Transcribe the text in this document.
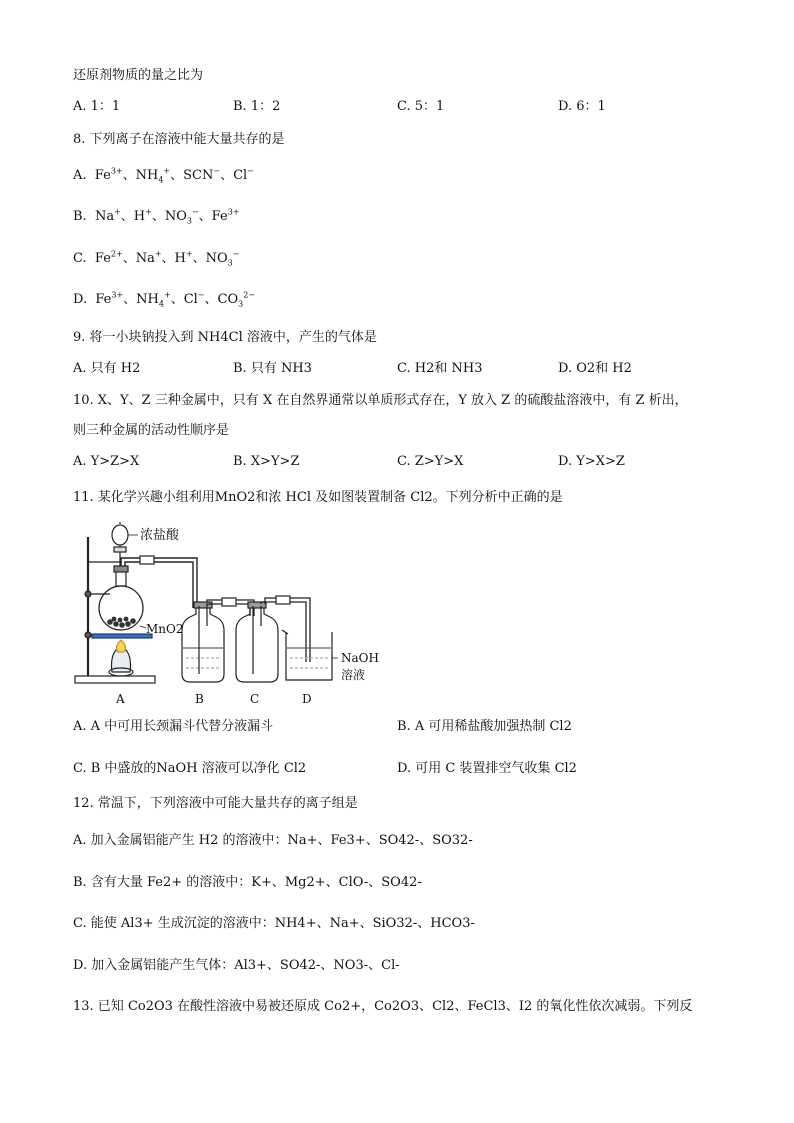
还原剂物质的量之比为
A. 1：1	B. 1：2	C. 5：1	D. 6：1
8. 下列离子在溶液中能大量共存的是
A.  $Fe^{3+}$、$NH_4^+$、SCN−、Cl−
B.  Na+、H+、$NO_3^-$、$Fe^{3+}$
C.  $Fe^{2+}$、Na+、H+、$NO_3^-$
D.  $Fe^{3+}$、$NH_4^+$、Cl−、$CO_3^{2-}$
9. 将一小块钠投入到 NH4Cl 溶液中，产生的气体是
A. 只有 H2	B. 只有 NH3	C. H2和 NH3	D. O2和 H2
10. X、Y、Z 三种金属中，只有 X 在自然界通常以单质形式存在，Y 放入 Z 的硫酸盐溶液中，有 Z 析出，
则三种金属的活动性顺序是
A. Y>Z>X	B. X>Y>Z	C. Z>Y>X	D. Y>X>Z
11. 某化学兴趣小组利用MnO2和浓 HCl 及如图装置制备 Cl2。下列分析中正确的是
浓盐酸
MnO2
NaOH
溶液
A	B	C	D
A. A 中可用长颈漏斗代替分液漏斗	B. A 可用稀盐酸加强热制 Cl2
C. B 中盛放的NaOH 溶液可以净化 Cl2	D. 可用 C 装置排空气收集 Cl2
12. 常温下，下列溶液中可能大量共存的离子组是
A. 加入金属铝能产生 H2 的溶液中：Na+、Fe3+、SO42-、SO32-
B. 含有大量 Fe2+ 的溶液中：K+、Mg2+、ClO-、SO42-
C. 能使 Al3+ 生成沉淀的溶液中：NH4+、Na+、SiO32-、HCO3-
D. 加入金属铝能产生气体：Al3+、SO42-、NO3-、Cl-
13. 已知 Co2O3 在酸性溶液中易被还原成 Co2+，Co2O3、Cl2、FeCl3、I2 的氧化性依次减弱。下列反
